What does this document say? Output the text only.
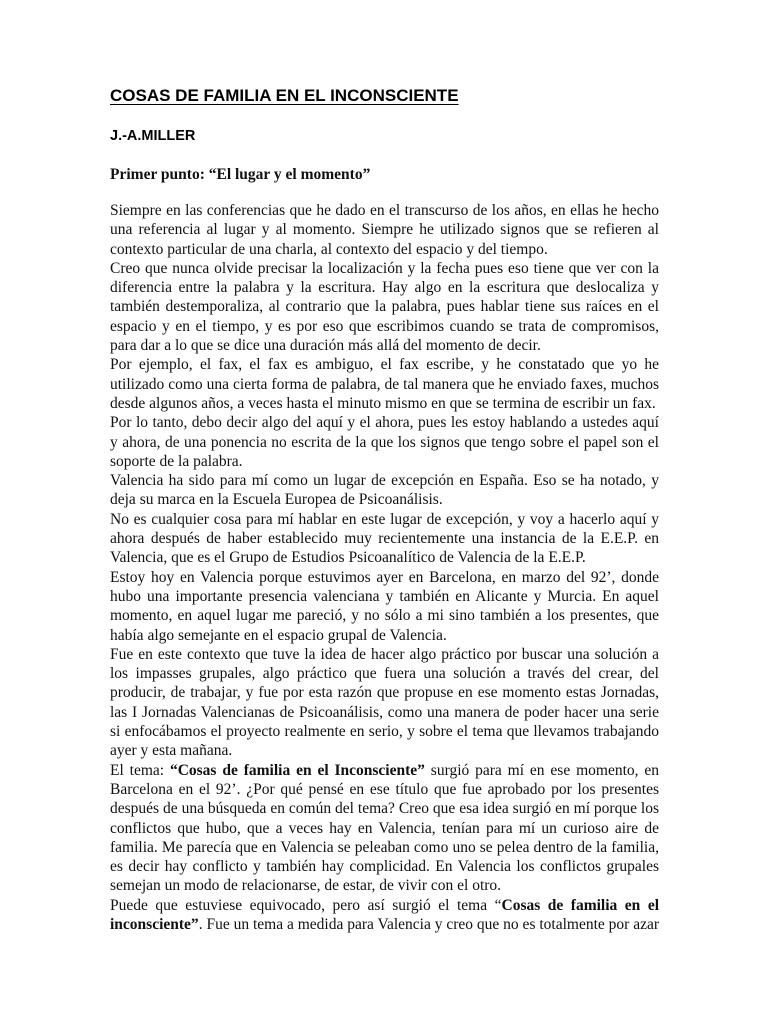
COSAS DE FAMILIA EN EL INCONSCIENTE
J.-A.MILLER
Primer punto: “El lugar y el momento”

Siempre en las conferencias que he dado en el transcurso de los años, en ellas he hecho una referencia al lugar y al momento. Siempre he utilizado signos que se refieren al contexto particular de una charla, al contexto del espacio y del tiempo.

Creo que nunca olvide precisar la localización y la fecha pues eso tiene que ver con la diferencia entre la palabra y la escritura. Hay algo en la escritura que deslocaliza y también destemporaliza, al contrario que la palabra, pues hablar tiene sus raíces en el espacio y en el tiempo, y es por eso que escribimos cuando se trata de compromisos, para dar a lo que se dice una duración más allá del momento de decir.

Por ejemplo, el fax, el fax es ambiguo, el fax escribe, y he constatado que yo he utilizado como una cierta forma de palabra, de tal manera que he enviado faxes, muchos desde algunos años, a veces hasta el minuto mismo en que se termina de escribir un fax.

Por lo tanto, debo decir algo del aquí y el ahora, pues les estoy hablando a ustedes aquí y ahora, de una ponencia no escrita de la que los signos que tengo sobre el papel son el soporte de la palabra.

Valencia ha sido para mí como un lugar de excepción en España. Eso se ha notado, y deja su marca en la Escuela Europea de Psicoanálisis.

No es cualquier cosa para mí hablar en este lugar de excepción, y voy a hacerlo aquí y ahora después de haber establecido muy recientemente una instancia de la E.E.P. en Valencia, que es el Grupo de Estudios Psicoanalítico de Valencia de la E.E.P.

Estoy hoy en Valencia porque estuvimos ayer en Barcelona, en marzo del 92’, donde hubo una importante presencia valenciana y también en Alicante y Murcia. En aquel momento, en aquel lugar me pareció, y no sólo a mi sino también a los presentes, que había algo semejante en el espacio grupal de Valencia.

Fue en este contexto que tuve la idea de hacer algo práctico por buscar una solución a los impasses grupales, algo práctico que fuera una solución a través del crear, del producir, de trabajar, y fue por esta razón que propuse en ese momento estas Jornadas, las I Jornadas Valencianas de Psicoanálisis, como una manera de poder hacer una serie si enfocábamos el proyecto realmente en serio, y sobre el tema que llevamos trabajando ayer y esta mañana.

El tema: “Cosas de familia en el Inconsciente” surgió para mí en ese momento, en Barcelona en el 92’. ¿Por qué pensé en ese título que fue aprobado por los presentes después de una búsqueda en común del tema? Creo que esa idea surgió en mí porque los conflictos que hubo, que a veces hay en Valencia, tenían para mí un curioso aire de familia. Me parecía que en Valencia se peleaban como uno se pelea dentro de la familia, es decir hay conflicto y también hay complicidad. En Valencia los conflictos grupales semejan un modo de relacionarse, de estar, de vivir con el otro.

Puede que estuviese equivocado, pero así surgió el tema “Cosas de familia en el inconsciente”. Fue un tema a medida para Valencia y creo que no es totalmente por azar
